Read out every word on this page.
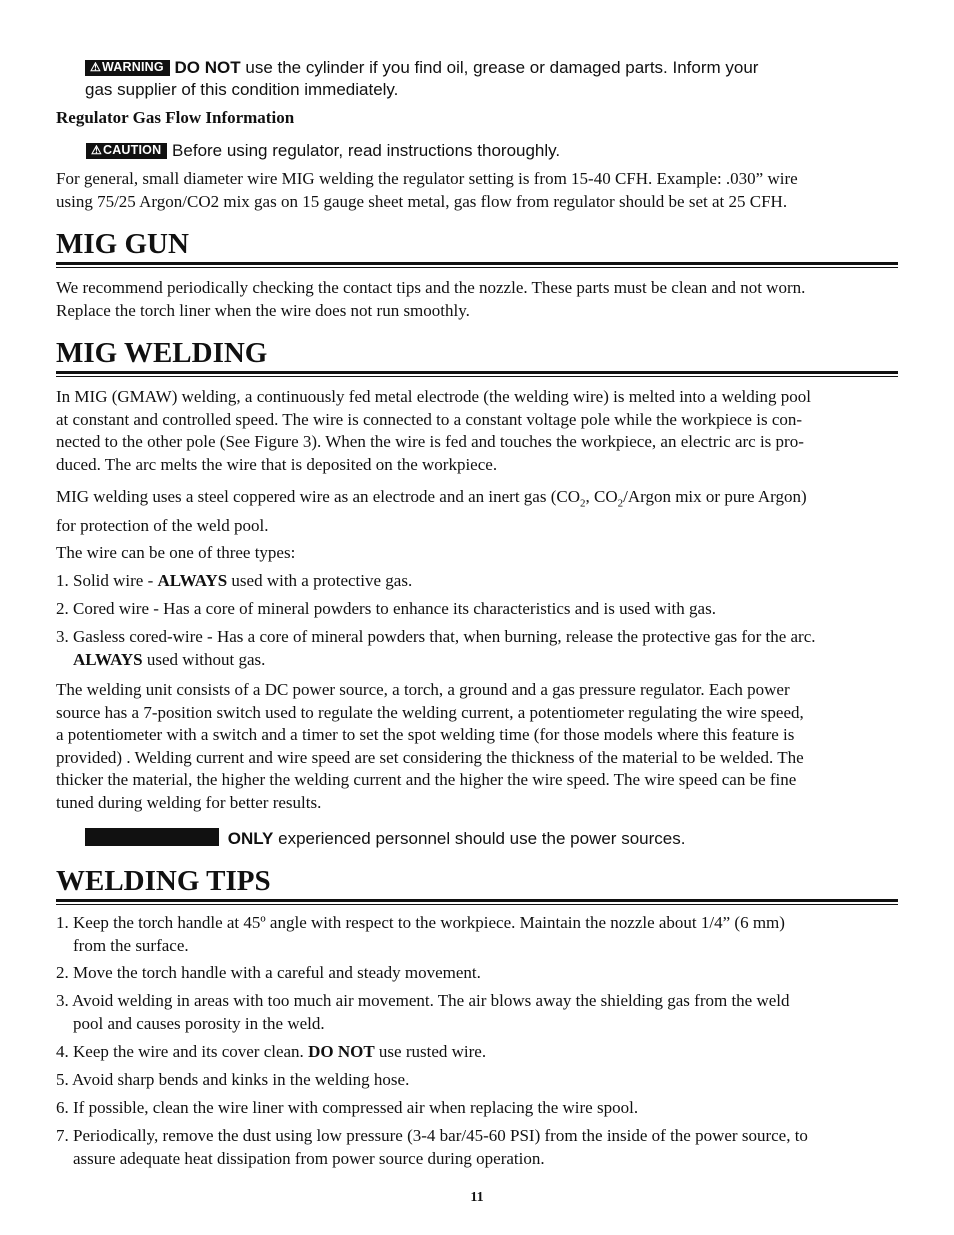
⚠WARNING DO NOT use the cylinder if you find oil, grease or damaged parts. Inform your
gas supplier of this condition immediately.
Regulator Gas Flow Information
⚠CAUTION Before using regulator, read instructions thoroughly.
For general, small diameter wire MIG welding the regulator setting is from 15-40 CFH. Example: .030” wire
using 75/25 Argon/CO2 mix gas on 15 gauge sheet metal, gas flow from regulator should be set at 25 CFH.
MIG GUN
We recommend periodically checking the contact tips and the nozzle. These parts must be clean and not worn.
Replace the torch liner when the wire does not run smoothly.
MIG WELDING
In MIG (GMAW) welding, a continuously fed metal electrode (the welding wire) is melted into a welding pool
at constant and controlled speed. The wire is connected to a constant voltage pole while the workpiece is con-
nected to the other pole (See Figure 3). When the wire is fed and touches the workpiece, an electric arc is pro-
duced. The arc melts the wire that is deposited on the workpiece.
MIG welding uses a steel coppered wire as an electrode and an inert gas ($CO_2$, $CO_2$/Argon mix or pure Argon)
for protection of the weld pool.
The wire can be one of three types:
1. Solid wire - ALWAYS used with a protective gas.
2. Cored wire - Has a core of mineral powders to enhance its characteristics and is used with gas.
3. Gasless cored-wire - Has a core of mineral powders that, when burning, release the protective gas for the arc.
ALWAYS used without gas.
The welding unit consists of a DC power source, a torch, a ground and a gas pressure regulator. Each power
source has a 7-position switch used to regulate the welding current, a potentiometer regulating the wire speed,
a potentiometer with a switch and a timer to set the spot welding time (for those models where this feature is
provided) . Welding current and wire speed are set considering the thickness of the material to be welded. The
thicker the material, the higher the welding current and the higher the wire speed. The wire speed can be fine
tuned during welding for better results.
ONLY experienced personnel should use the power sources.
WELDING TIPS
1. Keep the torch handle at 45º angle with respect to the workpiece. Maintain the nozzle about 1/4” (6 mm)
from the surface.
2. Move the torch handle with a careful and steady movement.
3. Avoid welding in areas with too much air movement. The air blows away the shielding gas from the weld
pool and causes porosity in the weld.
4. Keep the wire and its cover clean. DO NOT use rusted wire.
5. Avoid sharp bends and kinks in the welding hose.
6. If possible, clean the wire liner with compressed air when replacing the wire spool.
7. Periodically, remove the dust using low pressure (3-4 bar/45-60 PSI) from the inside of the power source, to
assure adequate heat dissipation from power source during operation.
11
